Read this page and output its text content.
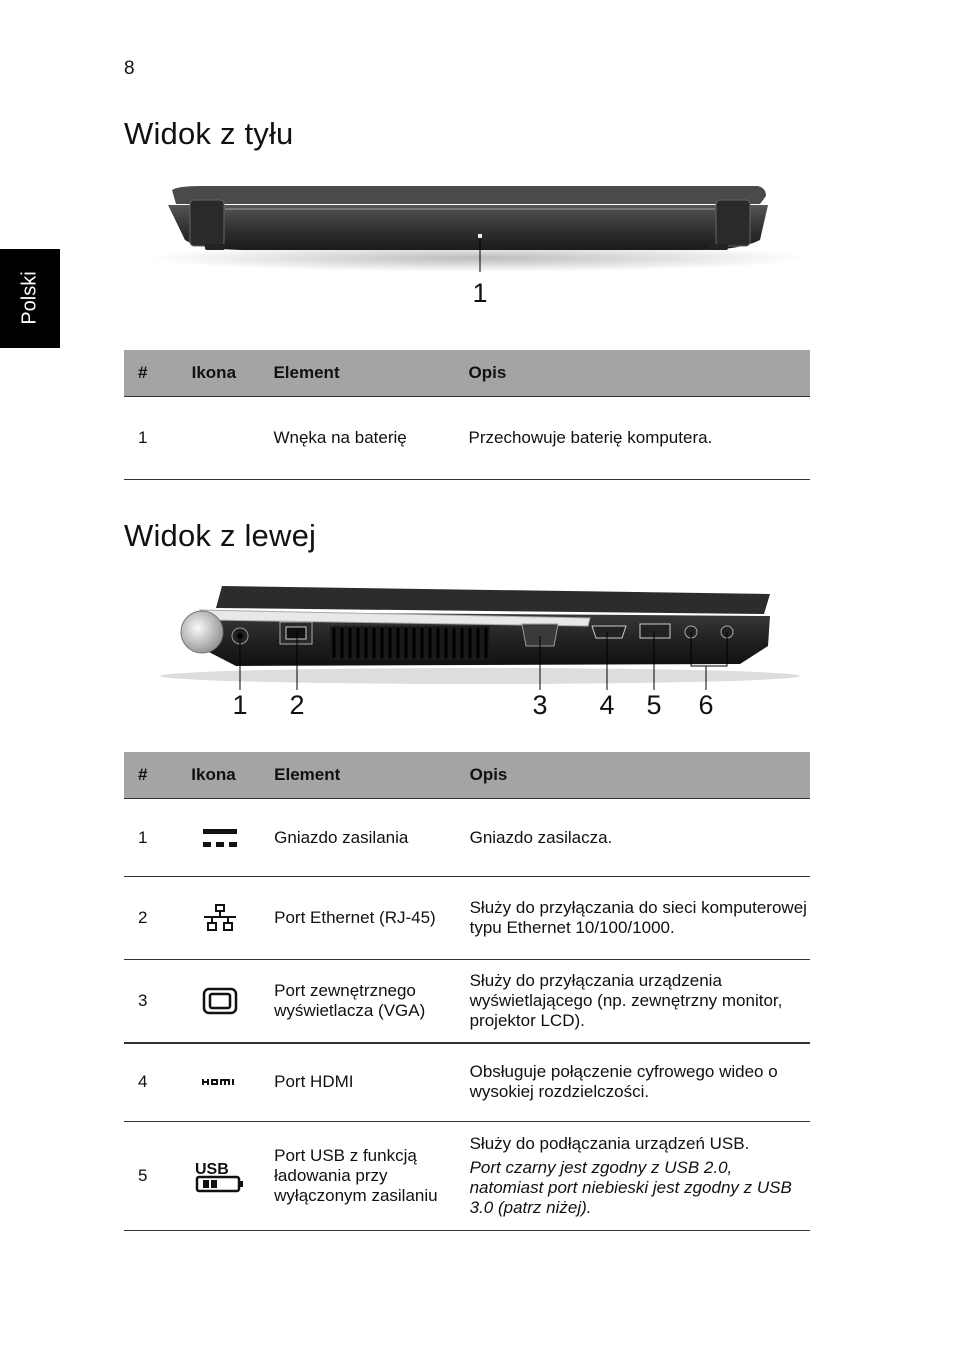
8
Polski
Widok z tyłu
1
#	Ikona	Element	Opis
1		Wnęka na baterię	Przechowuje baterię komputera.
Widok z lewej
1 2	3 4 5 6
#	Ikona	Element	Opis
1		Gniazdo zasilania	Gniazdo zasilacza.
2		Port Ethernet (RJ-45)	Służy do przyłączania do sieci komputerowej typu Ethernet 10/100/1000.
3		Port zewnętrznego wyświetlacza (VGA)	Służy do przyłączania urządzenia wyświetlającego (np. zewnętrzny monitor, projektor LCD).
4		Port HDMI	Obsługuje połączenie cyfrowego wideo o wysokiej rozdzielczości.
5	USB	Port USB z funkcją ładowania przy wyłączonym zasilaniu	Służy do podłączania urządzeń USB.

Port czarny jest zgodny z USB 2.0, natomiast port niebieski jest zgodny z USB 3.0 (patrz niżej).
